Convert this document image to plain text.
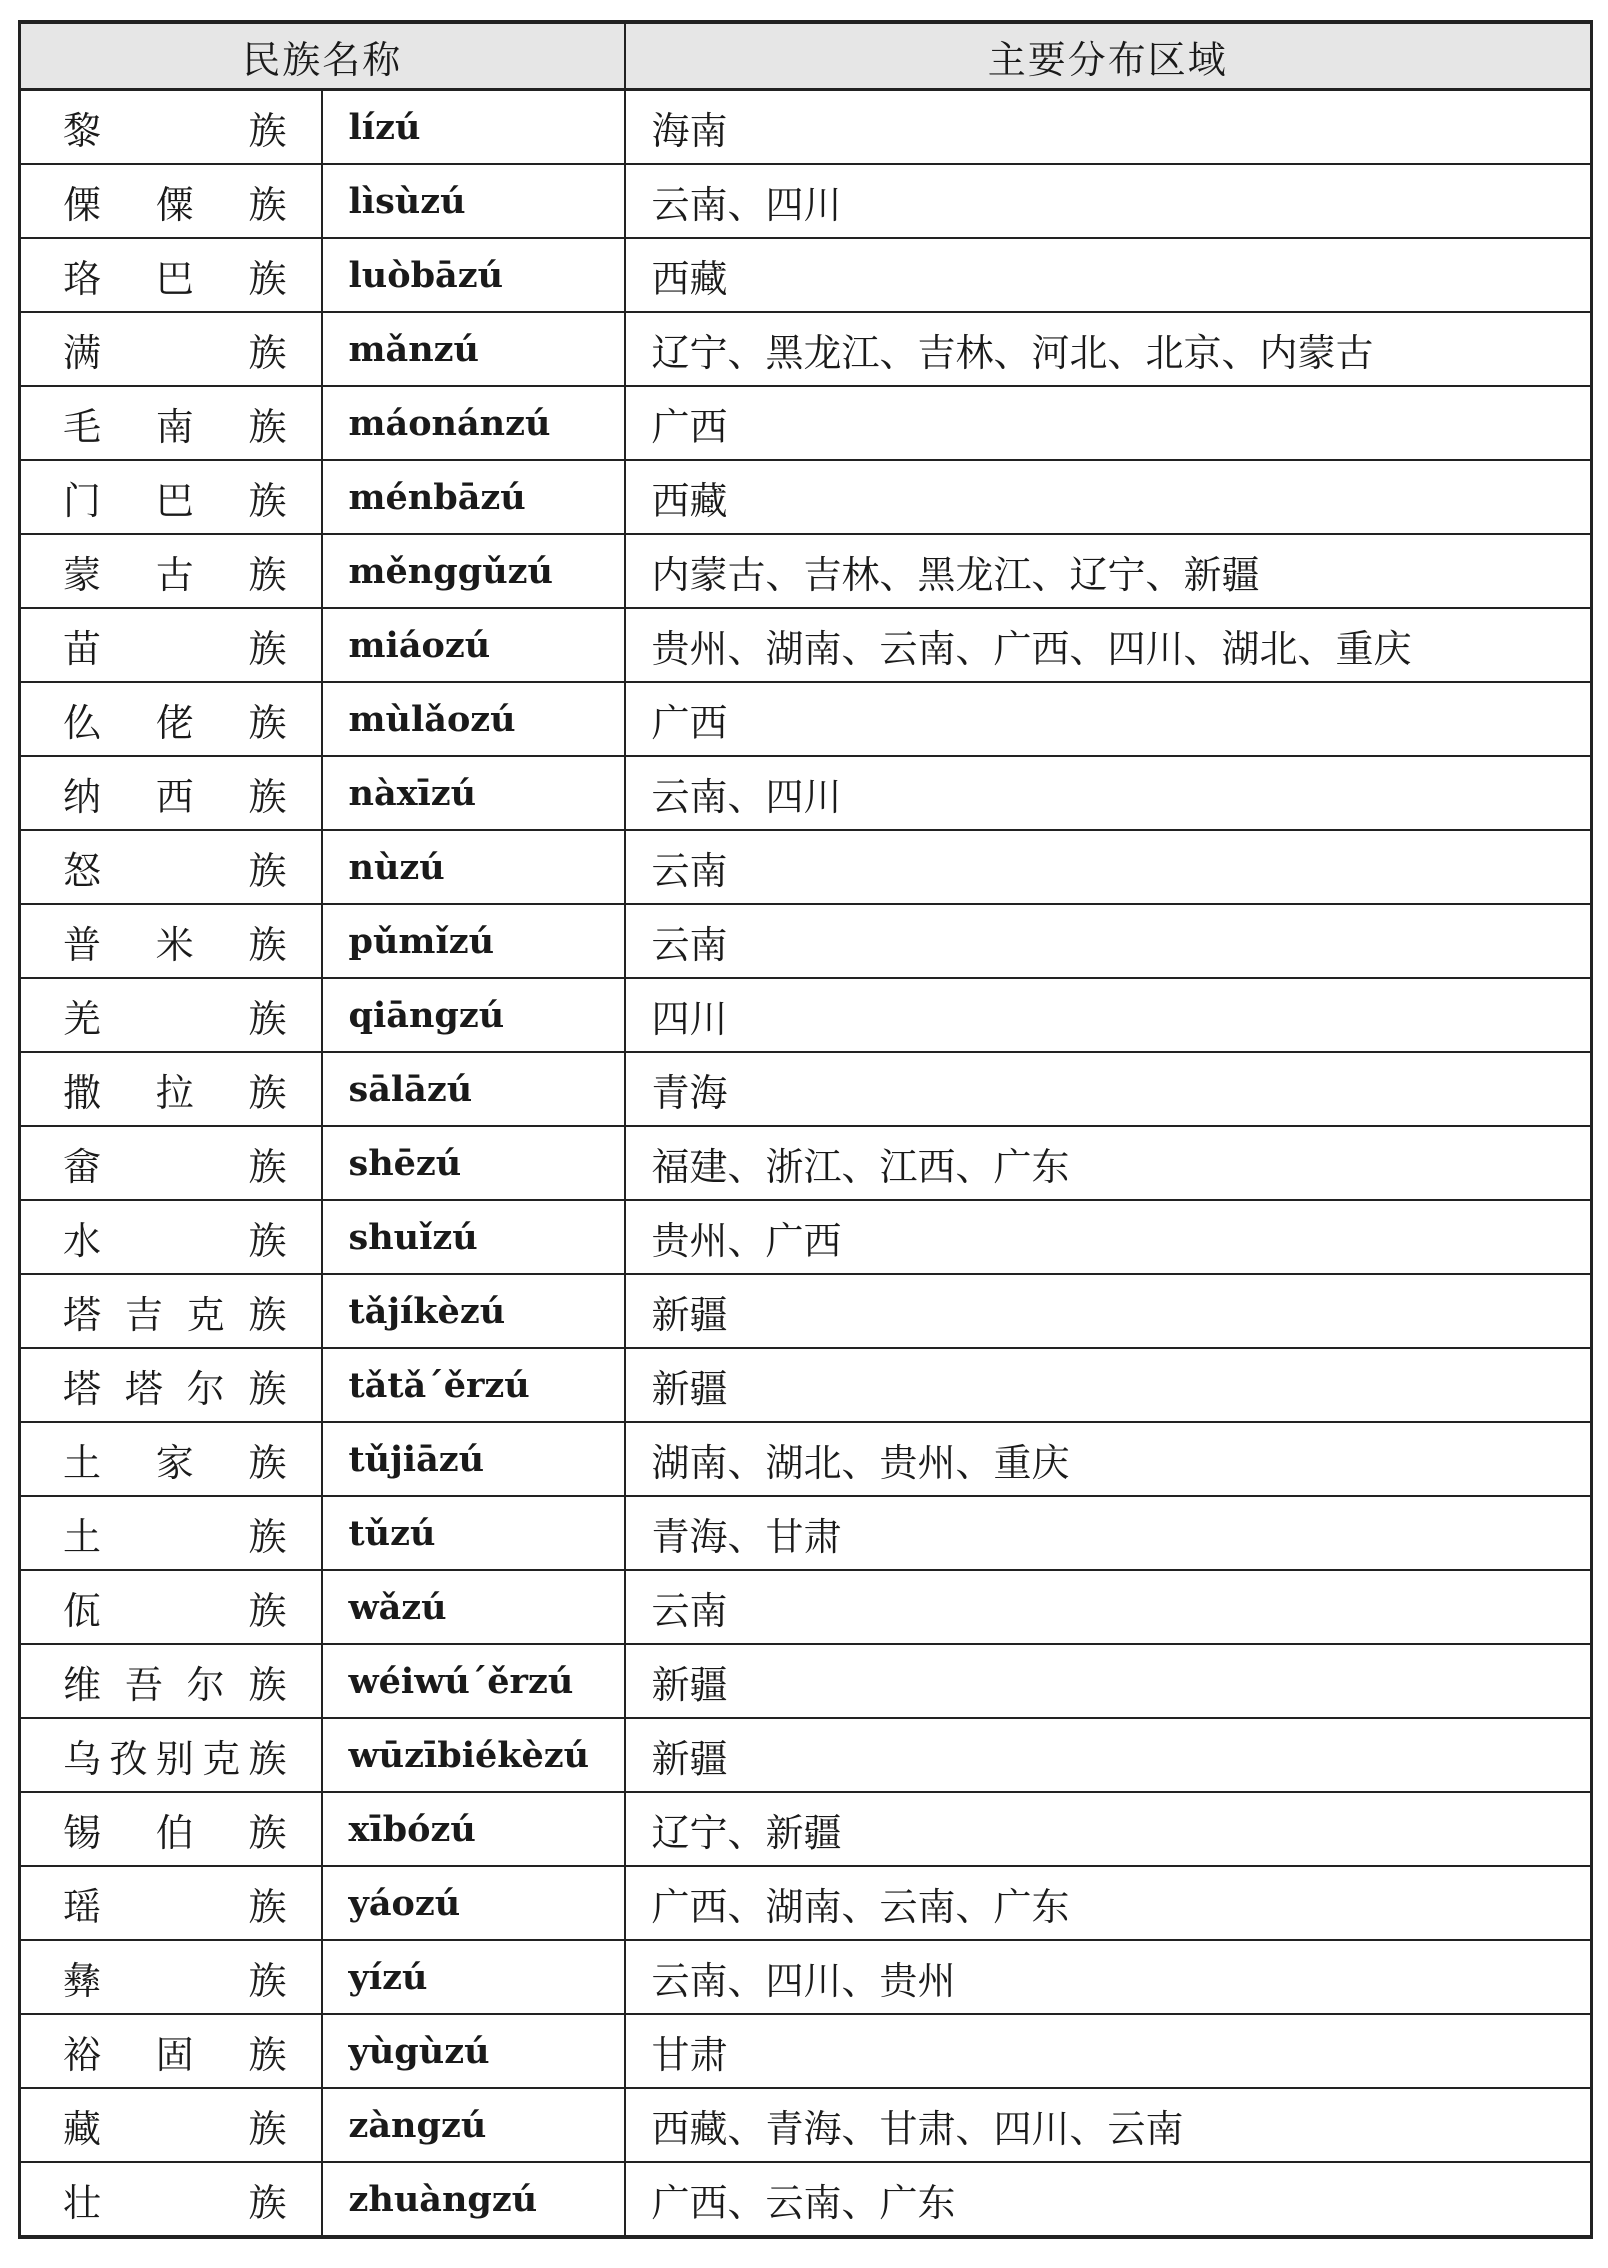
民族名称		主要分布区域

黎 族	lízú	海南

傈 僳 族	lìsùzú	云南、四川

珞 巴 族	luòbāzú	西藏

满 族	mǎnzú	辽宁、黑龙江、吉林、河北、北京、内蒙古

毛 南 族	máonánzú	广西

门 巴 族	ménbāzú	西藏

蒙 古 族	měnggǔzú	内蒙古、吉林、黑龙江、辽宁、新疆

苗 族	miáozú	贵州、湖南、云南、广西、四川、湖北、重庆

仫 佬 族	mùlǎozú	广西

纳 西 族	nàxīzú	云南、四川

怒 族	nùzú	云南

普 米 族	pǔmǐzú	云南

羌 族	qiāngzú	四川

撒 拉 族	sālāzú	青海

畲 族	shēzú	福建、浙江、江西、广东

水 族	shuǐzú	贵州、广西

塔 吉 克 族	tǎjíkèzú	新疆

塔 塔 尔 族	tǎtǎ´ěrzú	新疆

土 家 族	tǔjiāzú	湖南、湖北、贵州、重庆

土 族	tǔzú	青海、甘肃

佤 族	wǎzú	云南

维 吾 尔 族	wéiwú´ěrzú	新疆

乌 孜 别 克 族	wūzībiékèzú	新疆

锡 伯 族	xībózú	辽宁、新疆

瑶 族	yáozú	广西、湖南、云南、广东

彝 族	yízú	云南、四川、贵州

裕 固 族	yùgùzú	甘肃

藏 族	zàngzú	西藏、青海、甘肃、四川、云南

壮 族	zhuàngzú	广西、云南、广东
